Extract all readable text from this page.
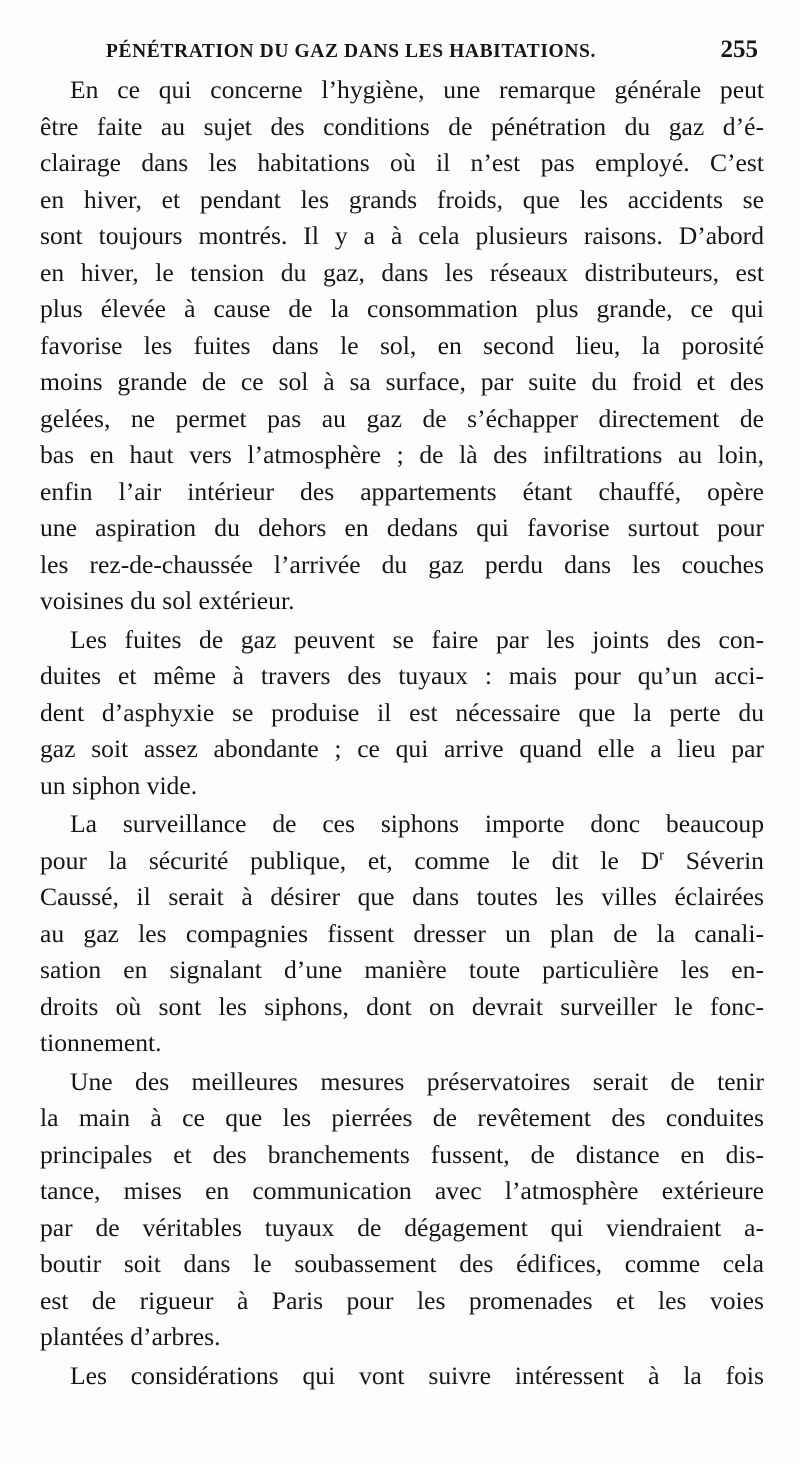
PÉNÉTRATION DU GAZ DANS LES HABITATIONS.	255
En ce qui concerne l’hygiène, une remarque générale peut
être faite au sujet des conditions de pénétration du gaz d’é-
clairage dans les habitations où il n’est pas employé. C’est
en hiver, et pendant les grands froids, que les accidents se
sont toujours montrés. Il y a à cela plusieurs raisons. D’abord
en hiver, le tension du gaz, dans les réseaux distributeurs, est
plus élevée à cause de la consommation plus grande, ce qui
favorise les fuites dans le sol, en second lieu, la porosité
moins grande de ce sol à sa surface, par suite du froid et des
gelées, ne permet pas au gaz de s’échapper directement de
bas en haut vers l’atmosphère ; de là des infiltrations au loin,
enfin l’air intérieur des appartements étant chauffé, opère
une aspiration du dehors en dedans qui favorise surtout pour
les rez-de-chaussée l’arrivée du gaz perdu dans les couches
voisines du sol extérieur.
Les fuites de gaz peuvent se faire par les joints des con-
duites et même à travers des tuyaux : mais pour qu’un acci-
dent d’asphyxie se produise il est nécessaire que la perte du
gaz soit assez abondante ; ce qui arrive quand elle a lieu par
un siphon vide.
La surveillance de ces siphons importe donc beaucoup
pour la sécurité publique, et, comme le dit le $D^r$ Séverin
Caussé, il serait à désirer que dans toutes les villes éclairées
au gaz les compagnies fissent dresser un plan de la canali-
sation en signalant d’une manière toute particulière les en-
droits où sont les siphons, dont on devrait surveiller le fonc-
tionnement.
Une des meilleures mesures préservatoires serait de tenir
la main à ce que les pierrées de revêtement des conduites
principales et des branchements fussent, de distance en dis-
tance, mises en communication avec l’atmosphère extérieure
par de véritables tuyaux de dégagement qui viendraient a-
boutir soit dans le soubassement des édifices, comme cela
est de rigueur à Paris pour les promenades et les voies
plantées d’arbres.
Les considérations qui vont suivre intéressent à la fois
